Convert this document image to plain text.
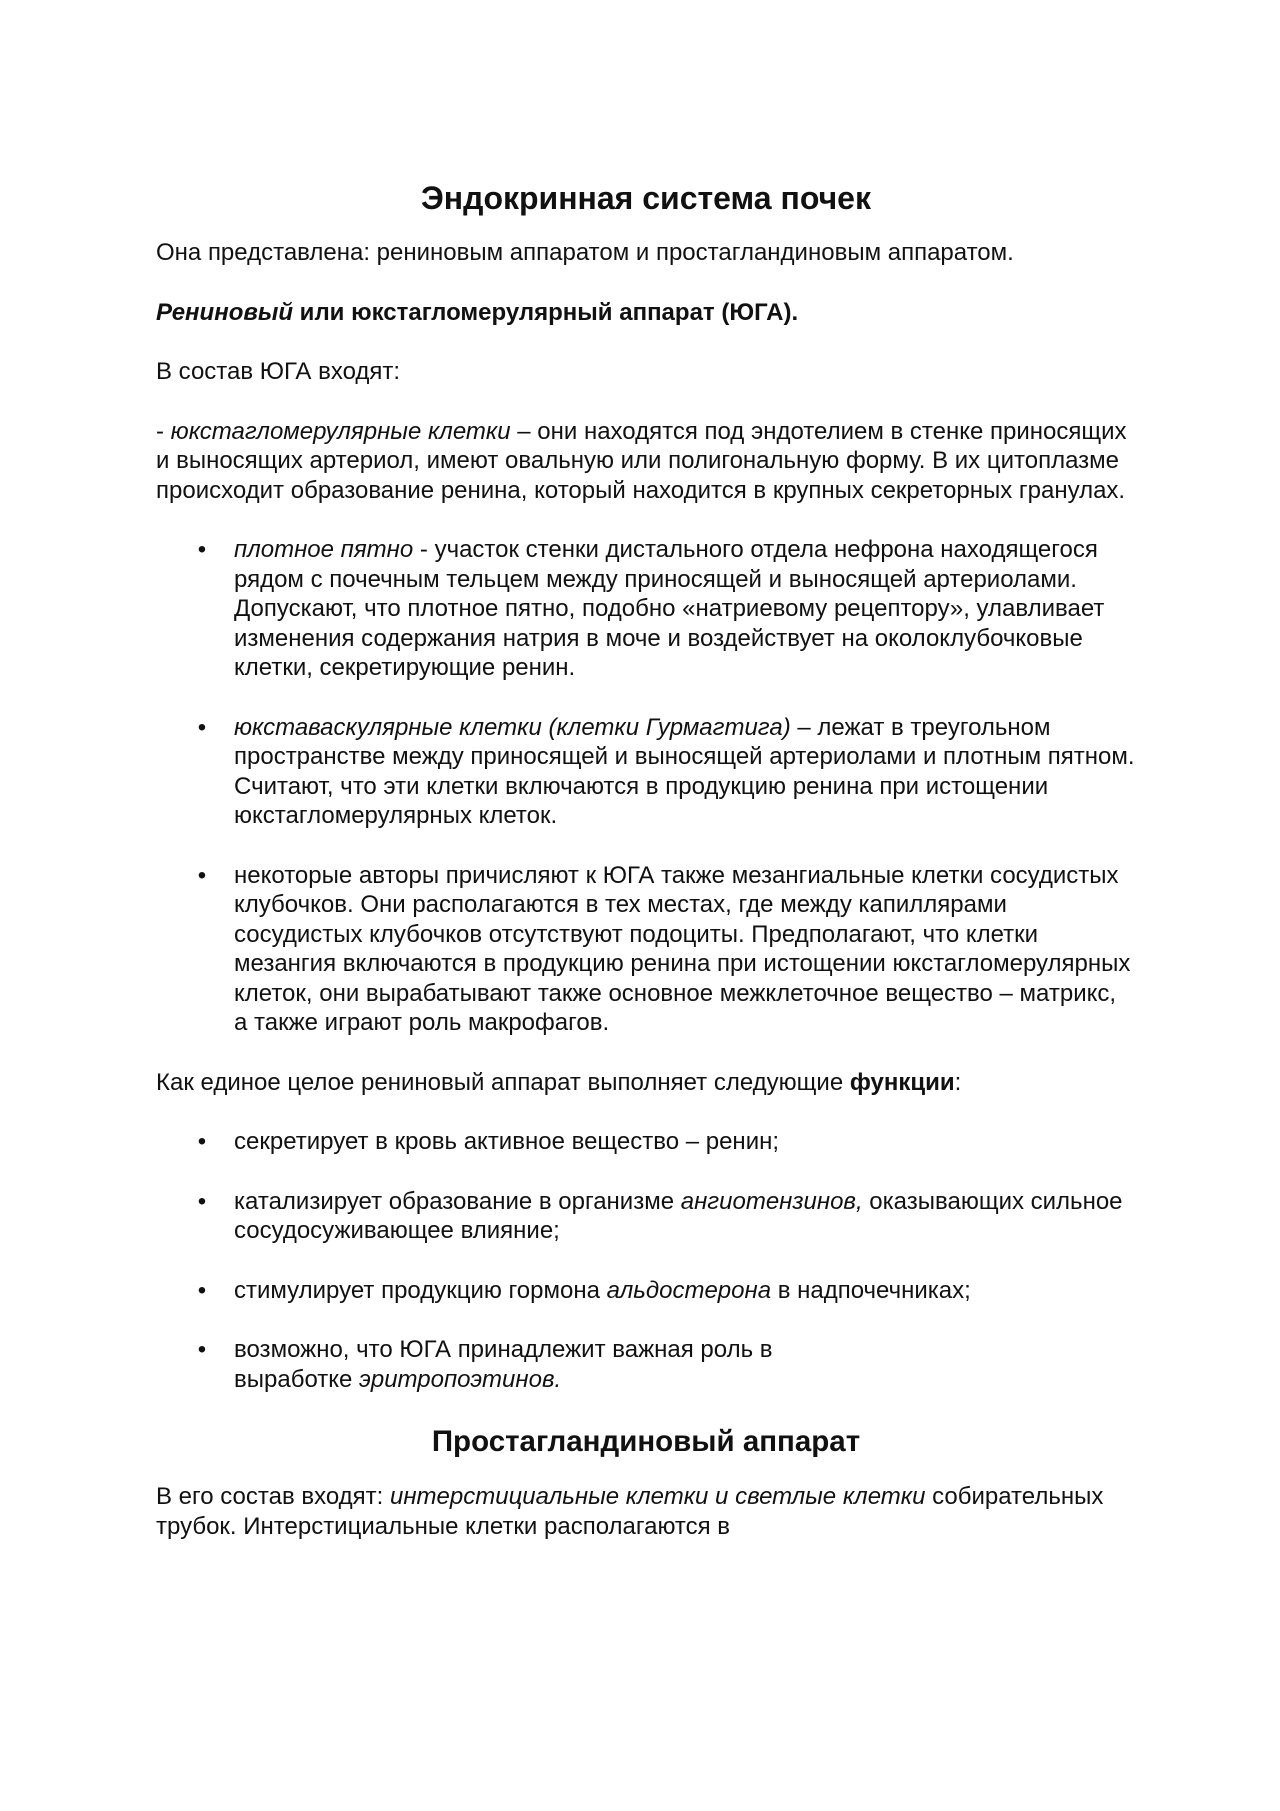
Эндокринная система почек

Она представлена: рениновым аппаратом и простагландиновым аппаратом.

Рениновый или юкстагломерулярный аппарат (ЮГА).

В состав ЮГА входят:

- юкстагломерулярные клетки – они находятся под эндотелием в стенке приносящих и выносящих артериол, имеют овальную или полигональную форму. В их цитоплазме происходит образование ренина, который находится в крупных секреторных гранулах.

• плотное пятно - участок стенки дистального отдела нефрона находящегося рядом с почечным тельцем между приносящей и выносящей артериолами. Допускают, что плотное пятно, подобно «натриевому рецептору», улавливает изменения содержания натрия в моче и воздействует на околоклубочковые клетки, секретирующие ренин.
• юкставаскулярные клетки (клетки Гурмагтига) – лежат в треугольном пространстве между приносящей и выносящей артериолами и плотным пятном. Считают, что эти клетки включаются в продукцию ренина при истощении юкстагломерулярных клеток.
• некоторые авторы причисляют к ЮГА также мезангиальные клетки сосудистых клубочков. Они располагаются в тех местах, где между капиллярами сосудистых клубочков отсутствуют подоциты. Предполагают, что клетки мезангия включаются в продукцию ренина при истощении юкстагломерулярных клеток, они вырабатывают также основное межклеточное вещество – матрикс, а также играют роль макрофагов.

Как единое целое рениновый аппарат выполняет следующие функции:

• секретирует в кровь активное вещество – ренин;
• катализирует образование в организме ангиотензинов, оказывающих сильное сосудосуживающее влияние;
• стимулирует продукцию гормона альдостерона в надпочечниках;
• возможно, что ЮГА принадлежит важная роль в выработке эритропоэтинов.
Простагландиновый аппарат

В его состав входят: интерстициальные клетки и светлые клетки собирательных трубок. Интерстициальные клетки располагаются в
